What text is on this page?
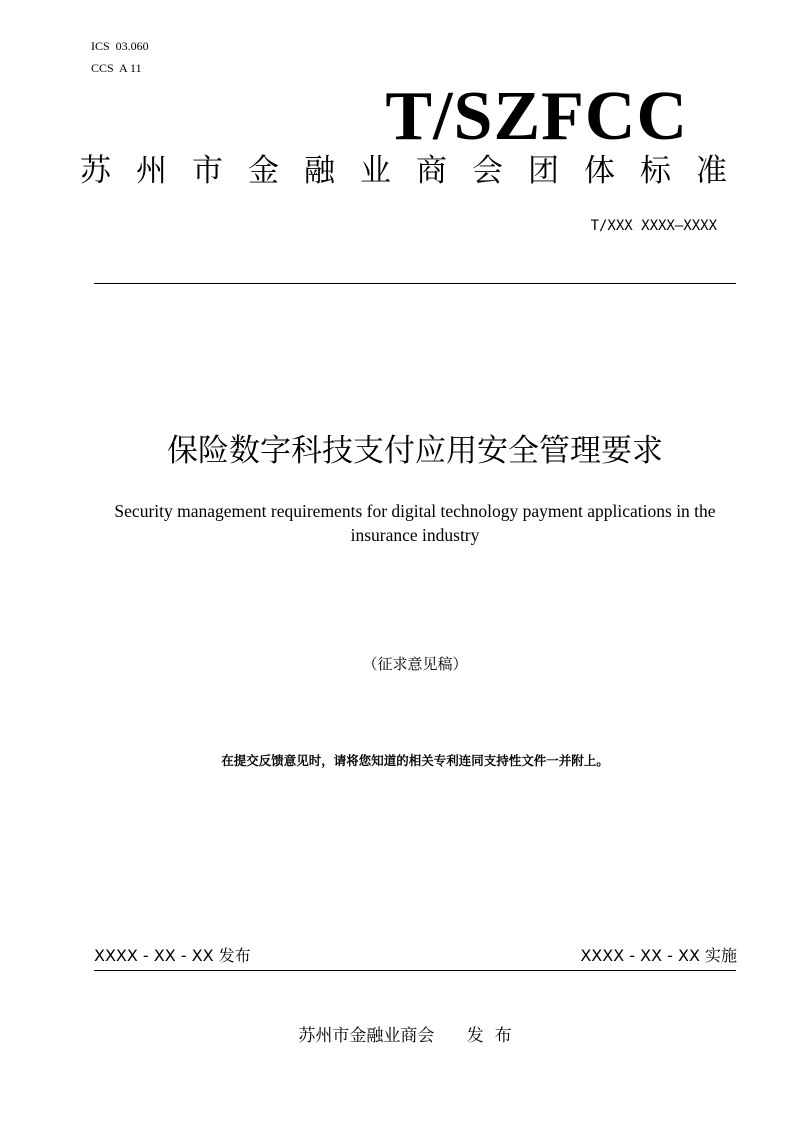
ICS  03.060
CCS  A 11
T/SZFCC
苏州市金融业商会团体标准
T/XXX XXXX—XXXX
保险数字科技支付应用安全管理要求
Security management requirements for digital technology payment applications in the insurance industry
（征求意见稿）
在提交反馈意见时，请将您知道的相关专利连同支持性文件一并附上。
XXXX - XX - XX 发布	XXXX - XX - XX 实施
苏州市金融业商会      发  布
